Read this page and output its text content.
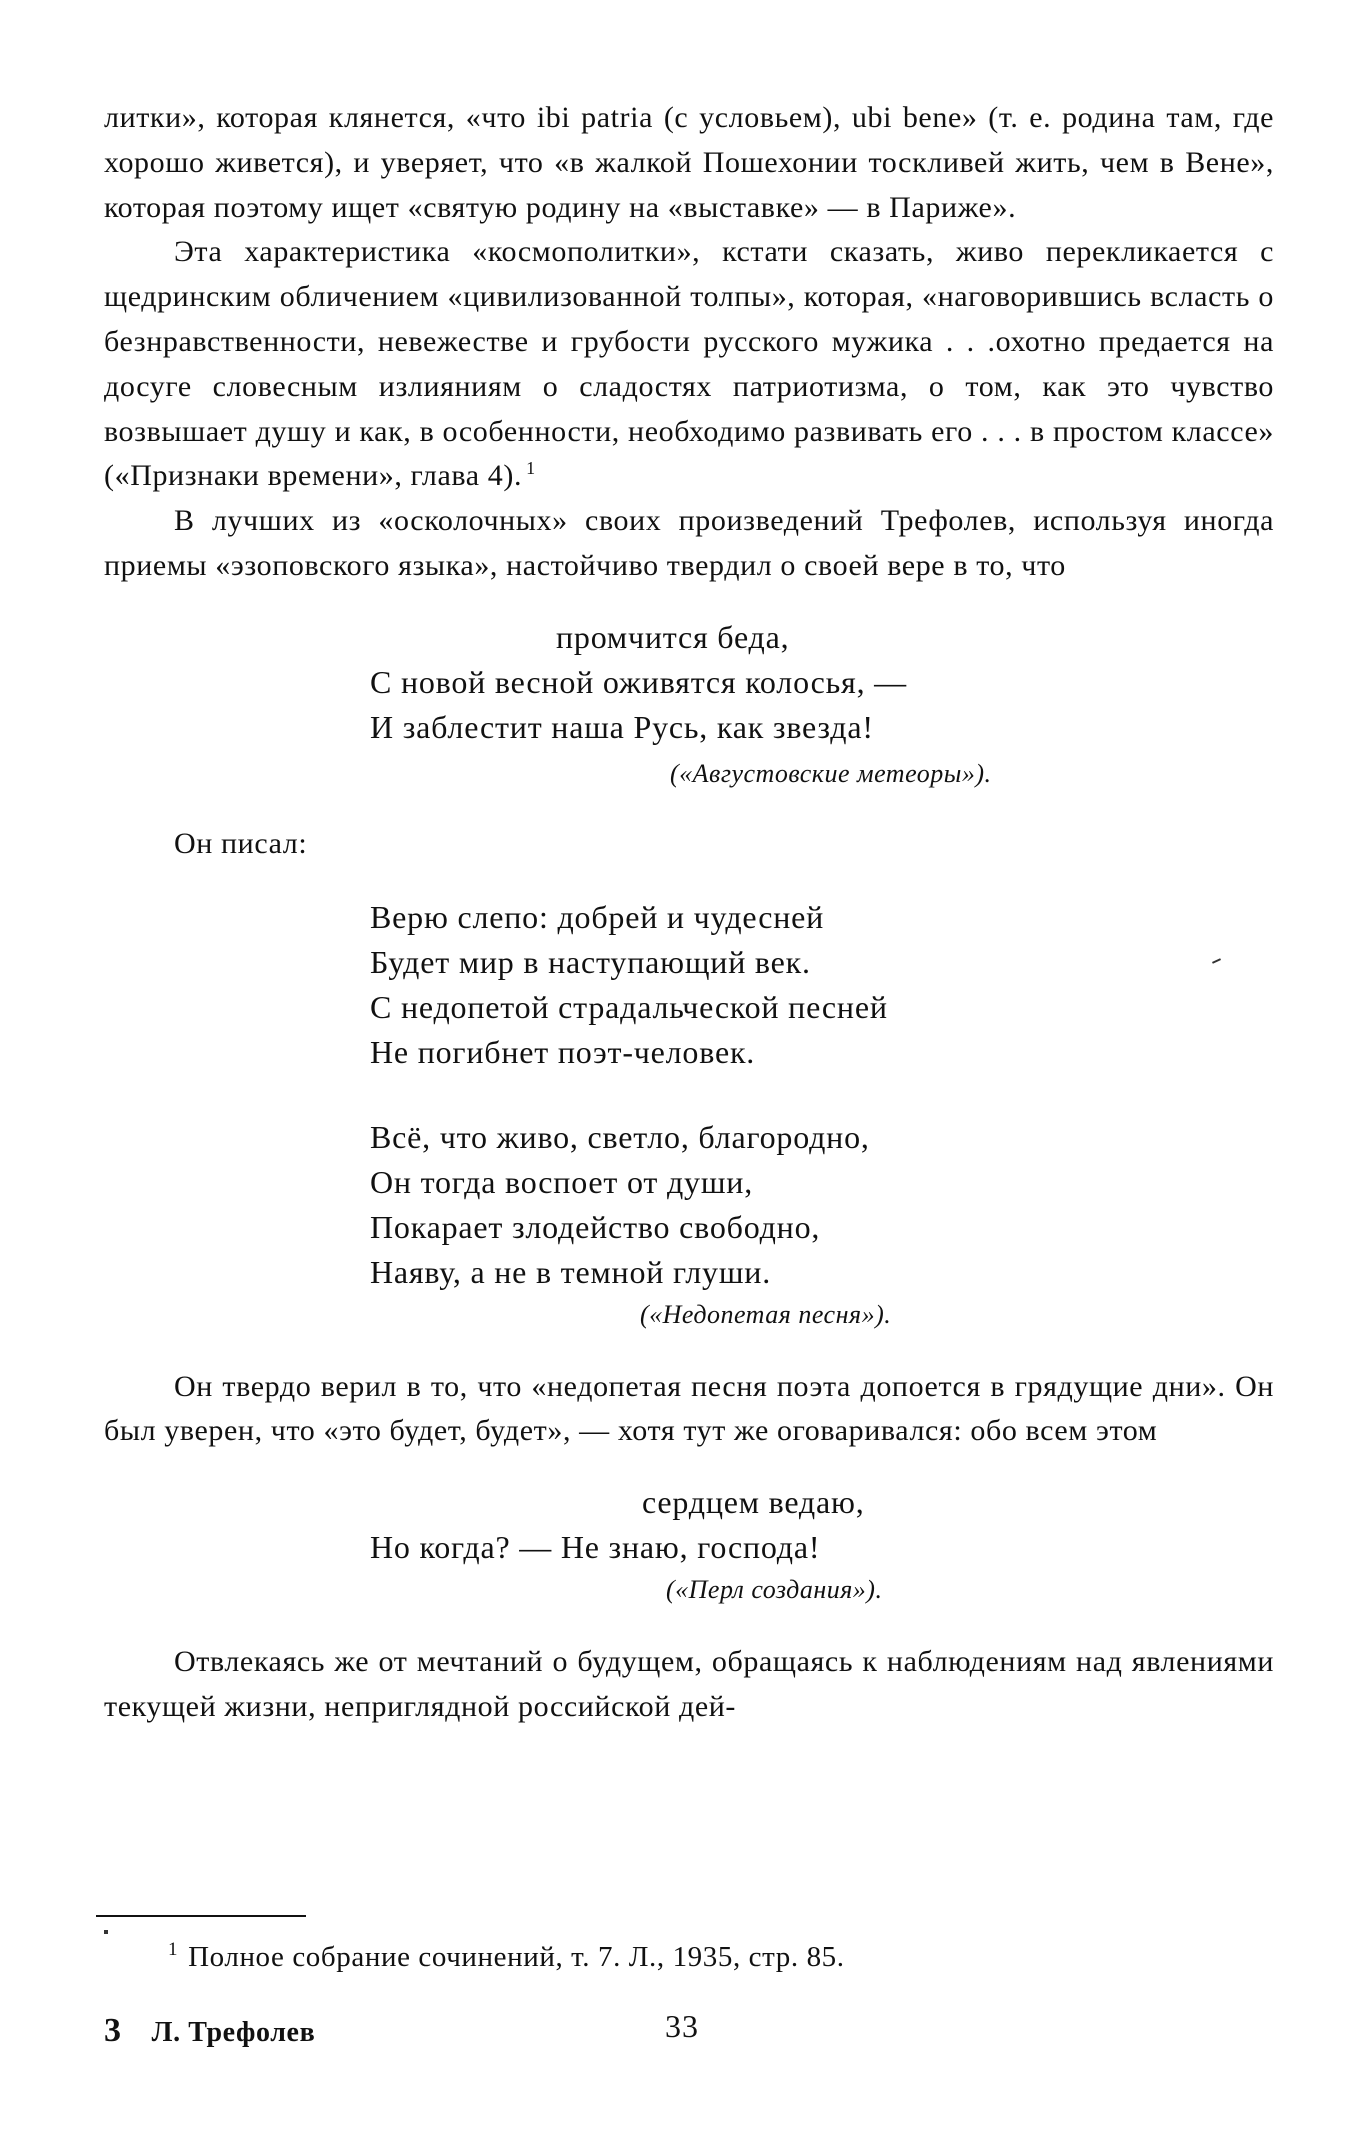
литки», которая клянется, «что ibi patria (с условьем), ubi bene» (т. е. родина там, где хорошо живется), и уверяет, что «в жалкой Пошехонии тоскливей жить, чем в Вене», которая поэтому ищет «святую родину на «выставке» — в Париже».

Эта характеристика «космополитки», кстати сказать, живо перекликается с щедринским обличением «цивилизованной толпы», которая, «наговорившись всласть о безнравственности, невежестве и грубости русского мужика . . .охотно предается на досуге словесным излияниям о сладостях патриотизма, о том, как это чувство возвышает душу и как, в особенности, необходимо развивать его . . . в простом классе» («Признаки времени», глава 4). $^1$

В лучших из «осколочных» своих произведений Трефолев, используя иногда приемы «эзоповского языка», настойчиво твердил о своей вере в то, что

промчится беда,
С новой весной оживятся колосья, —
И заблестит наша Русь, как звезда!
(«Августовские метеоры»).
Он писал:
Верю слепо: добрей и чудесней
Будет мир в наступающий век.
С недопетой страдальческой песней
Не погибнет поэт-человек.
Всё, что живо, светло, благородно,
Он тогда воспоет от души,
Покарает злодейство свободно,
Наяву, а не в темной глуши.
(«Недопетая песня»).

Он твердо верил в то, что «недопетая песня поэта допоется в грядущие дни». Он был уверен, что «это будет, будет», — хотя тут же оговаривался: обо всем этом

сердцем ведаю,
Но когда? — Не знаю, господа!
(«Перл создания»).

Отвлекаясь же от мечтаний о будущем, обращаясь к наблюдениям над явлениями текущей жизни, неприглядной российской дей-

$^1$ Полное собрание сочинений, т. 7. Л., 1935, стр. 85.
3 Л. Трефолев	33
